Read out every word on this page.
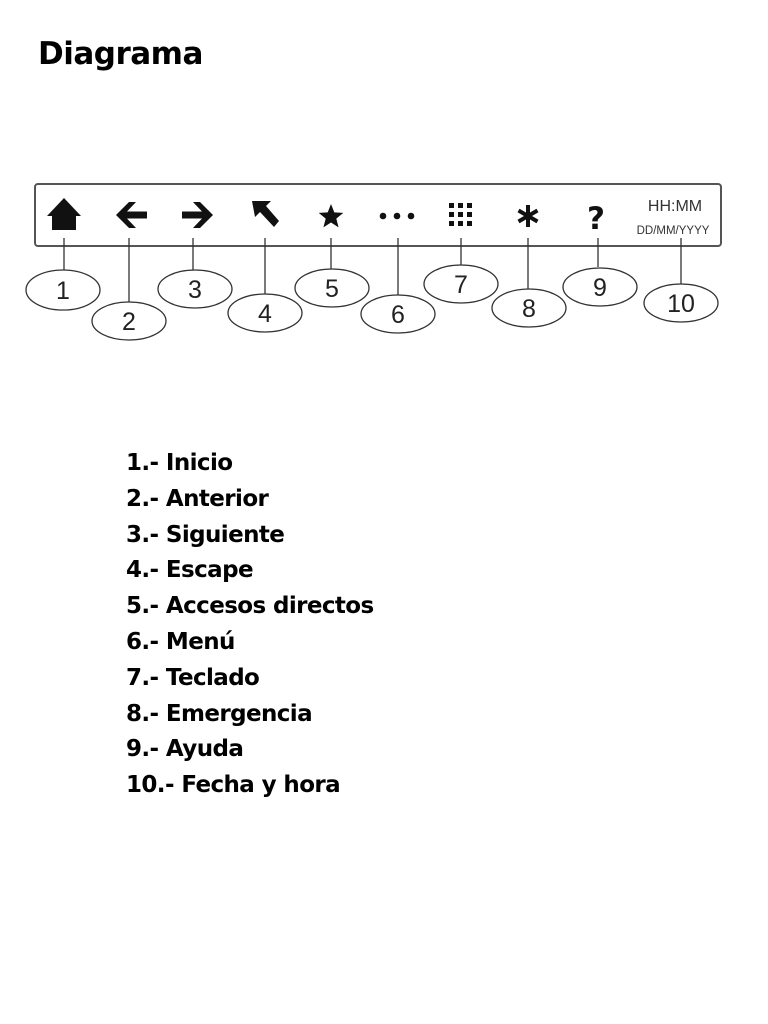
Diagrama
?	HH:MM
DD/MM/YYYY
1
2
3
4
5
6
7
8
9
10
1.- Inicio
2.- Anterior
3.- Siguiente
4.- Escape
5.- Accesos directos
6.- Menú
7.- Teclado
8.- Emergencia
9.- Ayuda
10.- Fecha y hora
